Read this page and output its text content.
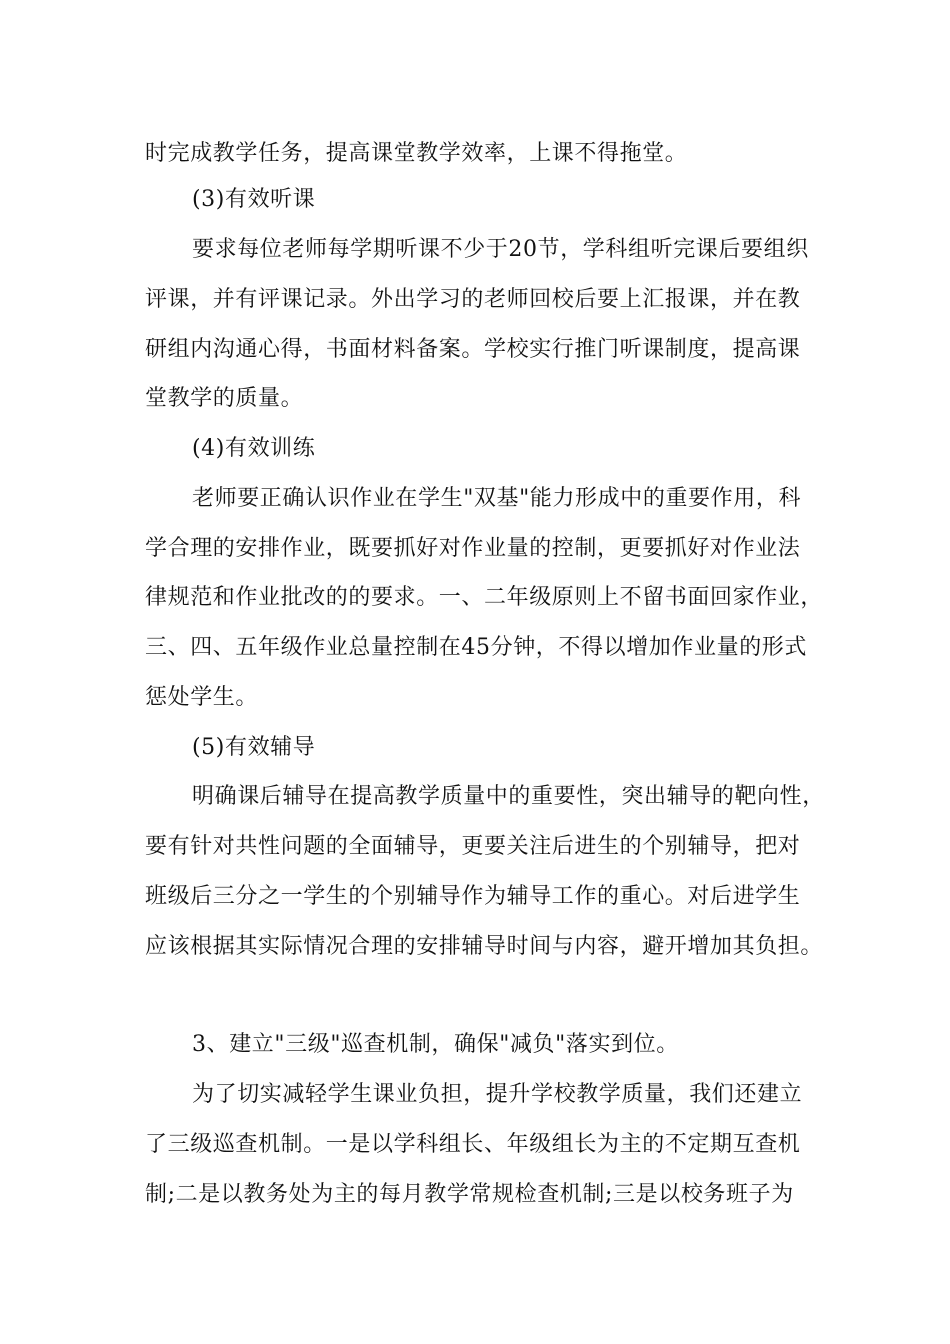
时完成教学任务，提高课堂教学效率，上课不得拖堂。
(3)有效听课
要求每位老师每学期听课不少于20节，学科组听完课后要组织
评课，并有评课记录。外出学习的老师回校后要上汇报课，并在教
研组内沟通心得，书面材料备案。学校实行推门听课制度，提高课
堂教学的质量。
(4)有效训练
老师要正确认识作业在学生"双基"能力形成中的重要作用，科
学合理的安排作业，既要抓好对作业量的控制，更要抓好对作业法
律规范和作业批改的的要求。一、二年级原则上不留书面回家作业，
三、四、五年级作业总量控制在45分钟，不得以增加作业量的形式
惩处学生。
(5)有效辅导
明确课后辅导在提高教学质量中的重要性，突出辅导的靶向性，
要有针对共性问题的全面辅导，更要关注后进生的个别辅导，把对
班级后三分之一学生的个别辅导作为辅导工作的重心。对后进学生
应该根据其实际情况合理的安排辅导时间与内容，避开增加其负担。
3、建立"三级"巡查机制，确保"减负"落实到位。
为了切实减轻学生课业负担，提升学校教学质量，我们还建立
了三级巡查机制。一是以学科组长、年级组长为主的不定期互查机
制;二是以教务处为主的每月教学常规检查机制;三是以校务班子为
